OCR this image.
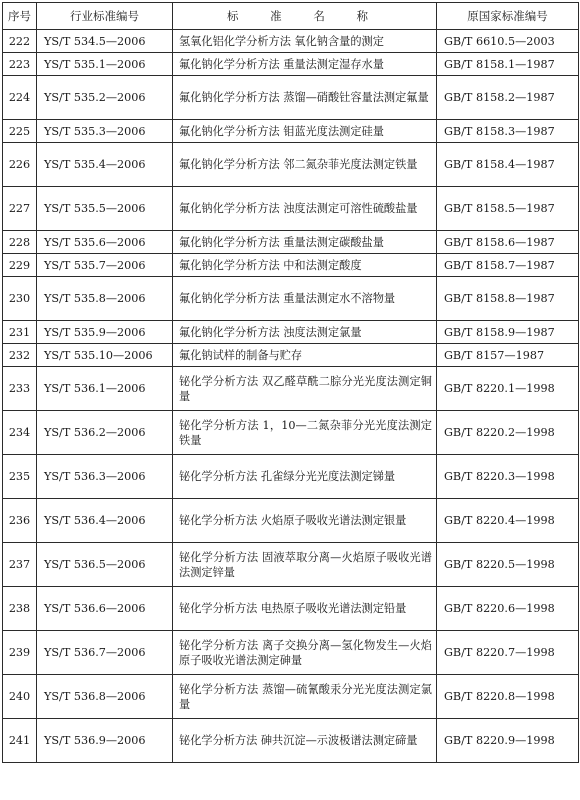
序号	行业标准编号	标 准 名 称	原国家标准编号
222	YS/T 534.5—2006	氢氧化铝化学分析方法 氧化钠含量的测定	GB/T 6610.5—2003
223	YS/T 535.1—2006	氟化钠化学分析方法 重量法测定湿存水量	GB/T 8158.1—1987
224	YS/T 535.2—2006	氟化钠化学分析方法 蒸馏—硝酸钍容量法测定氟量	GB/T 8158.2—1987
225	YS/T 535.3—2006	氟化钠化学分析方法 钼蓝光度法测定硅量	GB/T 8158.3—1987
226	YS/T 535.4—2006	氟化钠化学分析方法 邻二氮杂菲光度法测定铁量	GB/T 8158.4—1987
227	YS/T 535.5—2006	氟化钠化学分析方法 浊度法测定可溶性硫酸盐量	GB/T 8158.5—1987
228	YS/T 535.6—2006	氟化钠化学分析方法 重量法测定碳酸盐量	GB/T 8158.6—1987
229	YS/T 535.7—2006	氟化钠化学分析方法 中和法测定酸度	GB/T 8158.7—1987
230	YS/T 535.8—2006	氟化钠化学分析方法 重量法测定水不溶物量	GB/T 8158.8—1987
231	YS/T 535.9—2006	氟化钠化学分析方法 浊度法测定氯量	GB/T 8158.9—1987
232	YS/T 535.10—2006	氟化钠试样的制备与贮存	GB/T 8157—1987
233	YS/T 536.1—2006	铋化学分析方法 双乙醛草酰二腙分光光度法测定铜量	GB/T 8220.1—1998
234	YS/T 536.2—2006	铋化学分析方法 1，10—二氮杂菲分光光度法测定铁量	GB/T 8220.2—1998
235	YS/T 536.3—2006	铋化学分析方法 孔雀绿分光光度法测定锑量	GB/T 8220.3—1998
236	YS/T 536.4—2006	铋化学分析方法 火焰原子吸收光谱法测定银量	GB/T 8220.4—1998
237	YS/T 536.5—2006	铋化学分析方法 固液萃取分离—火焰原子吸收光谱法测定锌量	GB/T 8220.5—1998
238	YS/T 536.6—2006	铋化学分析方法 电热原子吸收光谱法测定铅量	GB/T 8220.6—1998
239	YS/T 536.7—2006	铋化学分析方法 离子交换分离—氢化物发生—火焰原子吸收光谱法测定砷量	GB/T 8220.7—1998
240	YS/T 536.8—2006	铋化学分析方法 蒸馏—硫氰酸汞分光光度法测定氯量	GB/T 8220.8—1998
241	YS/T 536.9—2006	铋化学分析方法 砷共沉淀—示波极谱法测定碲量	GB/T 8220.9—1998
